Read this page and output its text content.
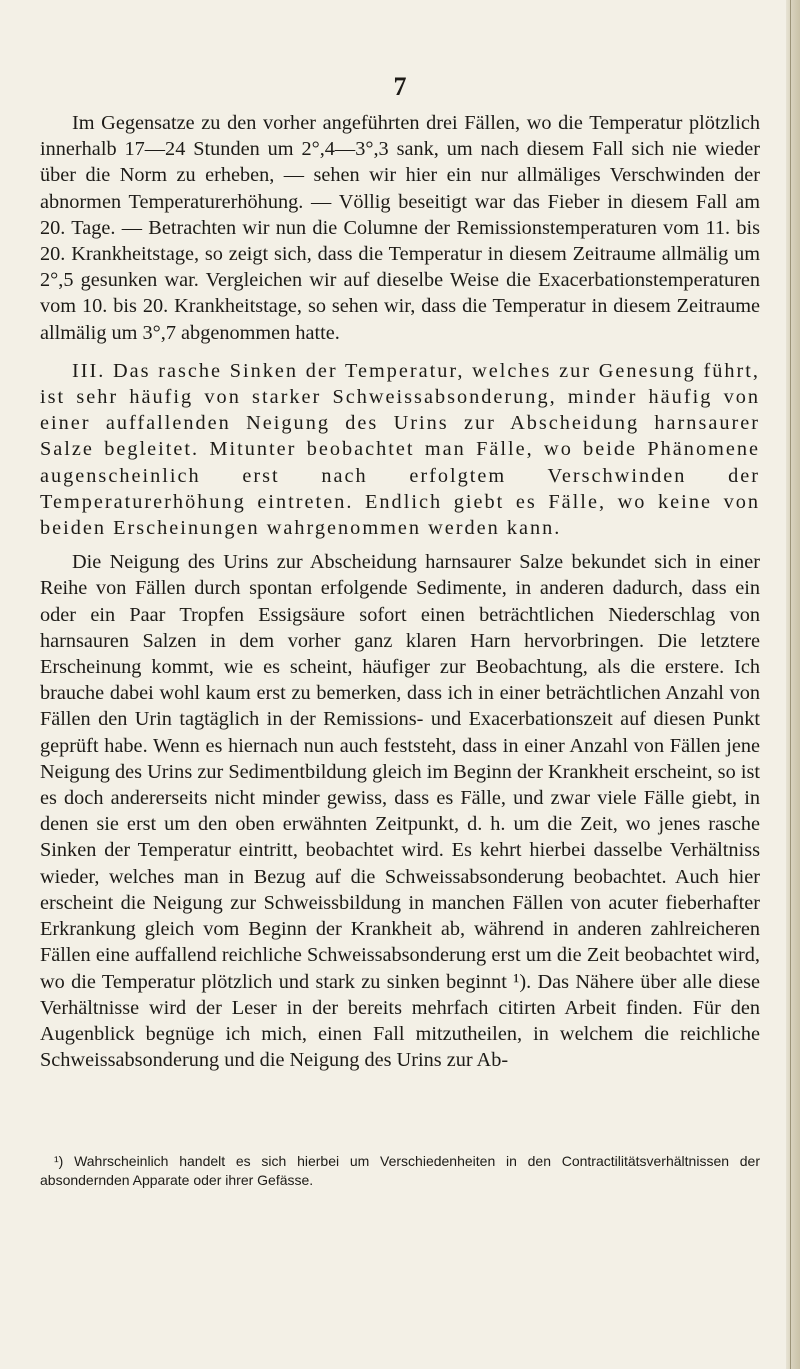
7

Im Gegensatze zu den vorher angeführten drei Fällen, wo die Temperatur plötzlich innerhalb 17—24 Stunden um 2°,4—3°,3 sank, um nach diesem Fall sich nie wieder über die Norm zu erheben, — sehen wir hier ein nur allmäliges Verschwinden der abnormen Temperaturerhöhung. — Völlig beseitigt war das Fieber in diesem Fall am 20. Tage. — Betrachten wir nun die Columne der Remissionstemperaturen vom 11. bis 20. Krankheitstage, so zeigt sich, dass die Temperatur in diesem Zeitraume allmälig um 2°,5 gesunken war. Vergleichen wir auf dieselbe Weise die Exacerbationstemperaturen vom 10. bis 20. Krankheitstage, so sehen wir, dass die Temperatur in diesem Zeitraume allmälig um 3°,7 abgenommen hatte.

III. Das rasche Sinken der Temperatur, welches zur Genesung führt, ist sehr häufig von starker Schweissabsonderung, minder häufig von einer auffallenden Neigung des Urins zur Abscheidung harnsaurer Salze begleitet. Mitunter beobachtet man Fälle, wo beide Phänomene augenscheinlich erst nach erfolgtem Verschwinden der Temperaturerhöhung eintreten. Endlich giebt es Fälle, wo keine von beiden Erscheinungen wahrgenommen werden kann.

Die Neigung des Urins zur Abscheidung harnsaurer Salze bekundet sich in einer Reihe von Fällen durch spontan erfolgende Sedimente, in anderen dadurch, dass ein oder ein Paar Tropfen Essigsäure sofort einen beträchtlichen Niederschlag von harnsauren Salzen in dem vorher ganz klaren Harn hervorbringen. Die letztere Erscheinung kommt, wie es scheint, häufiger zur Beobachtung, als die erstere. Ich brauche dabei wohl kaum erst zu bemerken, dass ich in einer beträchtlichen Anzahl von Fällen den Urin tagtäglich in der Remissions- und Exacerbationszeit auf diesen Punkt geprüft habe. Wenn es hiernach nun auch feststeht, dass in einer Anzahl von Fällen jene Neigung des Urins zur Sedimentbildung gleich im Beginn der Krankheit erscheint, so ist es doch andererseits nicht minder gewiss, dass es Fälle, und zwar viele Fälle giebt, in denen sie erst um den oben erwähnten Zeitpunkt, d. h. um die Zeit, wo jenes rasche Sinken der Temperatur eintritt, beobachtet wird. Es kehrt hierbei dasselbe Verhältniss wieder, welches man in Bezug auf die Schweissabsonderung beobachtet. Auch hier erscheint die Neigung zur Schweissbildung in manchen Fällen von acuter fieberhafter Erkrankung gleich vom Beginn der Krankheit ab, während in anderen zahlreicheren Fällen eine auffallend reichliche Schweissabsonderung erst um die Zeit beobachtet wird, wo die Temperatur plötzlich und stark zu sinken beginnt ¹). Das Nähere über alle diese Verhältnisse wird der Leser in der bereits mehrfach citirten Arbeit finden. Für den Augenblick begnüge ich mich, einen Fall mitzutheilen, in welchem die reichliche Schweissabsonderung und die Neigung des Urins zur Ab-

¹) Wahrscheinlich handelt es sich hierbei um Verschiedenheiten in den Contractilitätsverhältnissen der absondernden Apparate oder ihrer Gefässe.
